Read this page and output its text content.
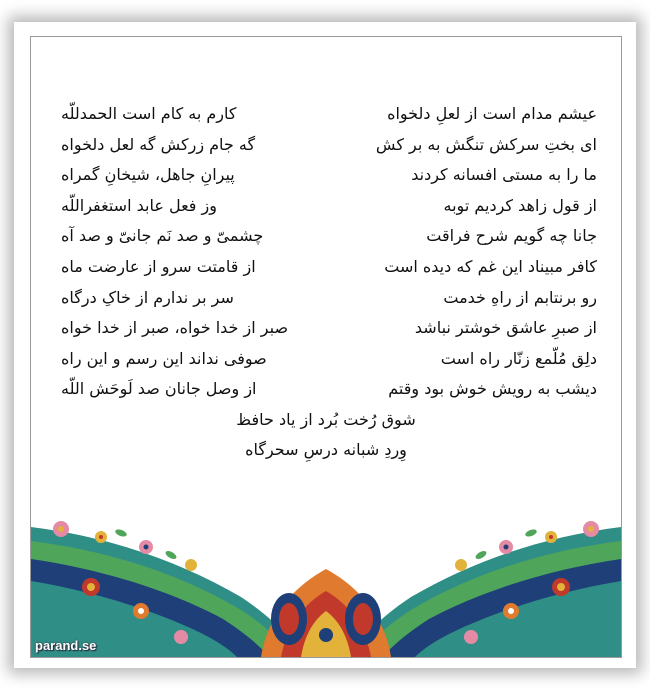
عیشم مدام است از لعلِ دلخواه
کارم به کام است الحمدللّه
ای بختِ سرکش تنگش به بر کش
گه جام زرکش گه لعل دلخواه
ما را به مستی افسانه کردند
پیرانِ جاهل، شیخانِ گمراه
از قول زاهد کردیم توبه
وز فعل عابد استغفراللّه
جانا چه گویم شرح فراقت
چشمیّ و صد نَم جانیّ و صد آه
کافر مبیناد این غم که دیده است
از قامتت سرو از عارضت ماه
رو برنتابم از راهِ خدمت
سر بر ندارم از خاکِ درگاه
از صبرِ عاشق خوشتر نباشد
صبر از خدا خواه، صبر از خدا خواه
دلِق مُلّمع زنّار راه است
صوفی نداند این رسم و این راه
دیشب به رویش خوش بود وقتم
از وصل جانان صد لَوحَش اللّه
شوق رُخت بُرد از یاد حافظ
وِردِ شبانه درسِ سحرگاه
parand.se
